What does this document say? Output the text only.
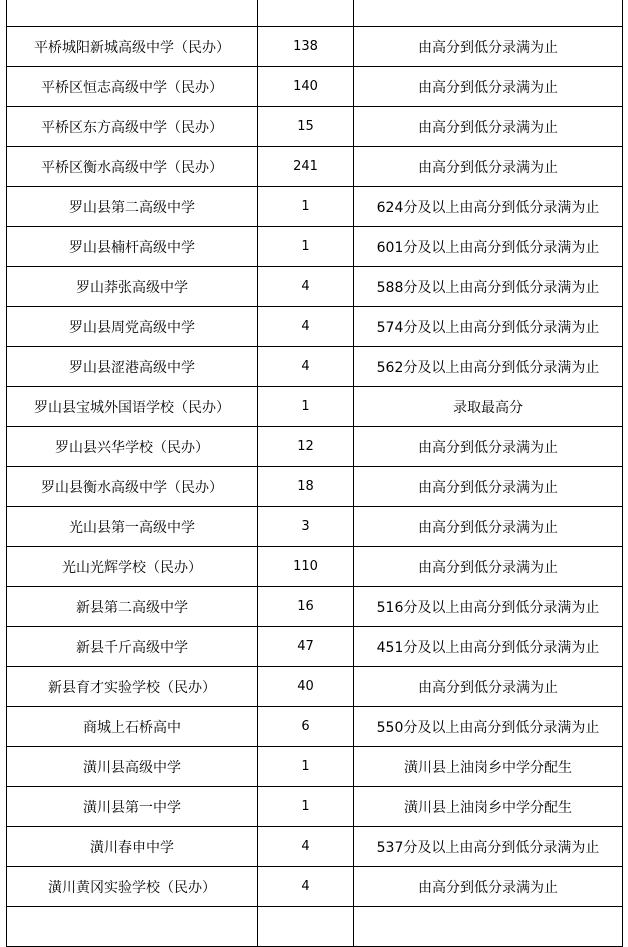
平桥城阳新城高级中学（民办）	138	由高分到低分录满为止
平桥区恒志高级中学（民办）	140	由高分到低分录满为止
平桥区东方高级中学（民办）	15	由高分到低分录满为止
平桥区衡水高级中学（民办）	241	由高分到低分录满为止
罗山县第二高级中学	1	624分及以上由高分到低分录满为止
罗山县楠杆高级中学	1	601分及以上由高分到低分录满为止
罗山莽张高级中学	4	588分及以上由高分到低分录满为止
罗山县周党高级中学	4	574分及以上由高分到低分录满为止
罗山县涩港高级中学	4	562分及以上由高分到低分录满为止
罗山县宝城外国语学校（民办）	1	录取最高分
罗山县兴华学校（民办）	12	由高分到低分录满为止
罗山县衡水高级中学（民办）	18	由高分到低分录满为止
光山县第一高级中学	3	由高分到低分录满为止
光山光辉学校（民办）	110	由高分到低分录满为止
新县第二高级中学	16	516分及以上由高分到低分录满为止
新县千斤高级中学	47	451分及以上由高分到低分录满为止
新县育才实验学校（民办）	40	由高分到低分录满为止
商城上石桥高中	6	550分及以上由高分到低分录满为止
潢川县高级中学	1	潢川县上油岗乡中学分配生
潢川县第一中学	1	潢川县上油岗乡中学分配生
潢川春申中学	4	537分及以上由高分到低分录满为止
潢川黄冈实验学校（民办）	4	由高分到低分录满为止
